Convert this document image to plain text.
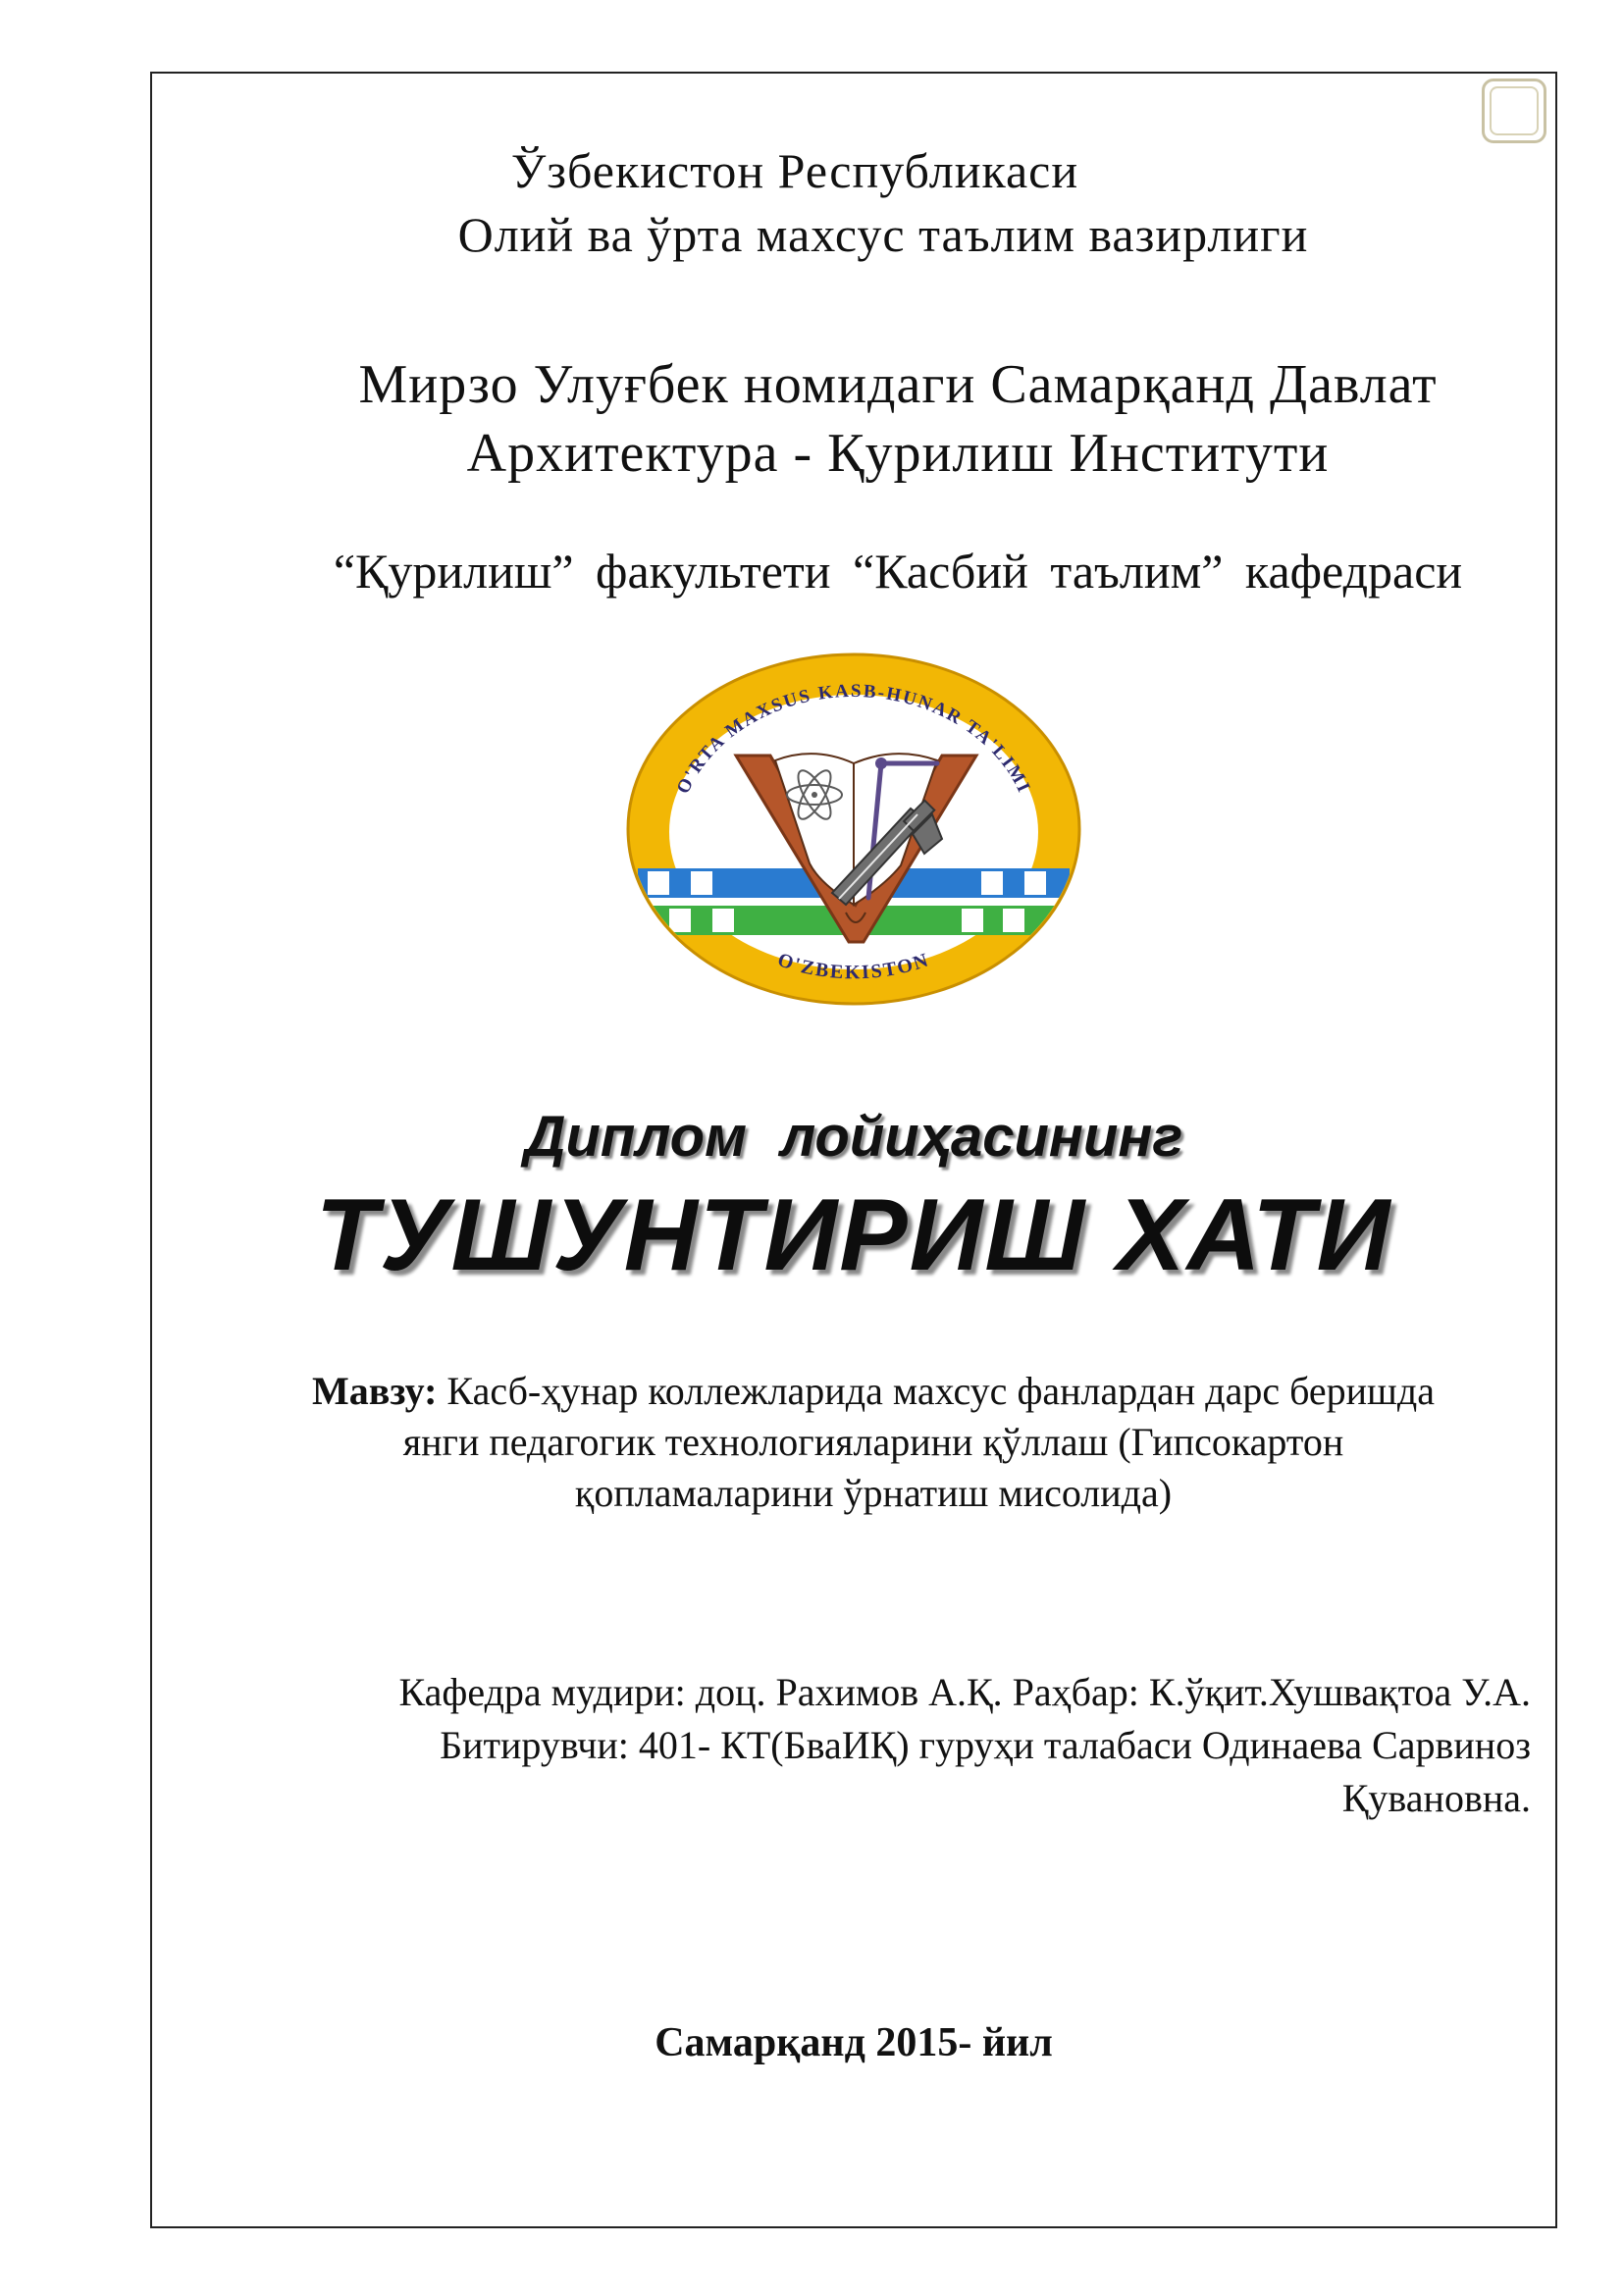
Ўзбекистон Республикаси
Олий ва ўрта махсус таълим вазирлиги
Мирзо Улуғбек номидаги Самарқанд Давлат
Архитектура - Қурилиш Институти
“Қурилиш” факультети “Касбий таълим” кафедраси
O'RTA MAXSUS KASB-HUNAR TA'LIMI
O'ZBEKISTON
Диплом лойиҳасининг
ТУШУНТИРИШ ХАТИ
Мавзу: Касб-ҳунар коллежларида махсус фанлардан дарс беришда
янги педагогик технологияларини қўллаш (Гипсокартон
қопламаларини ўрнатиш мисолида)
Кафедра мудири: доц. Рахимов А.Қ. Раҳбар: К.ўқит.Хушвақтоа У.А.
Битирувчи: 401- КТ(БваИҚ) гуруҳи талабаси Одинаева Сарвиноз
Қувановна.
Самарқанд 2015- йил
